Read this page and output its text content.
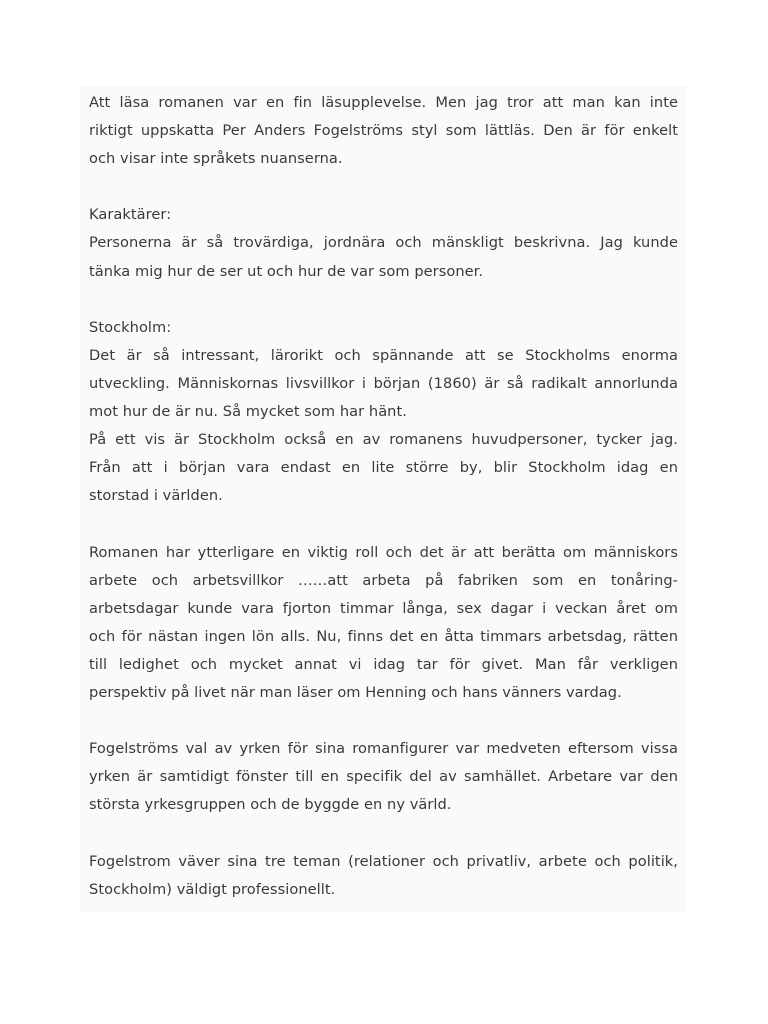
Att läsa romanen var en fin läsupplevelse. Men jag tror att man kan inte
riktigt uppskatta Per Anders Fogelströms styl som lättläs. Den är för enkelt
och visar inte språkets nuanserna.
Karaktärer:
Personerna är så trovärdiga, jordnära och mänskligt beskrivna. Jag kunde
tänka mig hur de ser ut och hur de var som personer.
Stockholm:
Det är så intressant, lärorikt och spännande att se Stockholms enorma
utveckling. Människornas livsvillkor i början (1860) är så radikalt annorlunda
mot hur de är nu. Så mycket som har hänt.
På ett vis är Stockholm också en av romanens huvudpersoner, tycker jag.
Från att i början vara endast en lite större by, blir Stockholm idag en
storstad i världen.
Romanen har ytterligare en viktig roll och det är att berätta om människors
arbete och arbetsvillkor ……att arbeta på fabriken som en tonåring-
arbetsdagar kunde vara fjorton timmar långa, sex dagar i veckan året om
och för nästan ingen lön alls. Nu, finns det en åtta timmars arbetsdag, rätten
till ledighet och mycket annat vi idag tar för givet. Man får verkligen
perspektiv på livet när man läser om Henning och hans vänners vardag.
Fogelströms val av yrken för sina romanfigurer var medveten eftersom vissa
yrken är samtidigt fönster till en specifik del av samhället. Arbetare var den
största yrkesgruppen och de byggde en ny värld.
Fogelstrom väver sina tre teman (relationer och privatliv, arbete och politik,
Stockholm) väldigt professionellt.
